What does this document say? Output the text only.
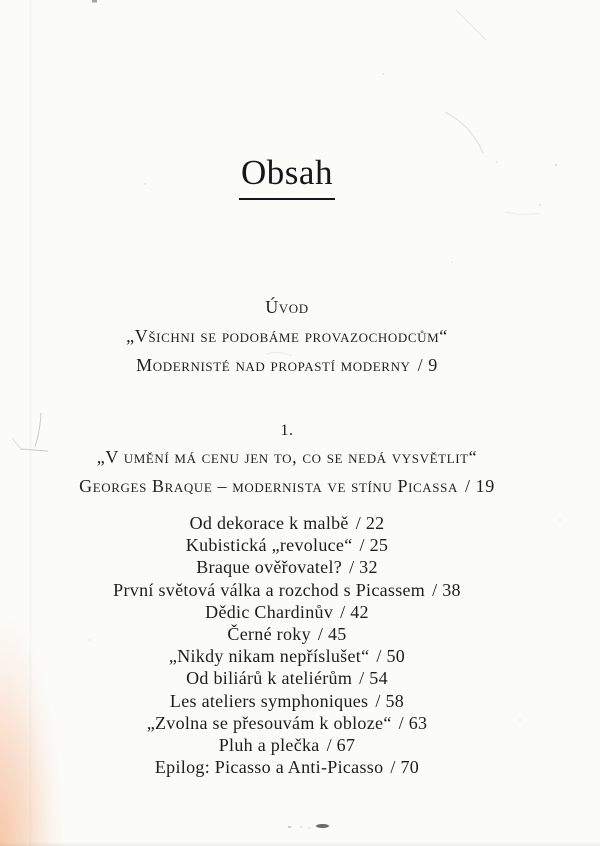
Obsah
Úvod
„Všichni se podobáme provazochodcům“
Modernisté nad propastí moderny / 9
1.
„V umění má cenu jen to, co se nedá vysvětlit“
Georges Braque – modernista ve stínu Picassa / 19
Od dekorace k malbě / 22
Kubistická „revoluce“ / 25
Braque ověřovatel? / 32
První světová válka a rozchod s Picassem / 38
Dědic Chardinův / 42
Černé roky / 45
„Nikdy nikam nepříslušet“ / 50
Od biliárů k ateliérům / 54
Les ateliers symphoniques / 58
„Zvolna se přesouvám k obloze“ / 63
Pluh a plečka / 67
Epilog: Picasso a Anti-Picasso / 70
